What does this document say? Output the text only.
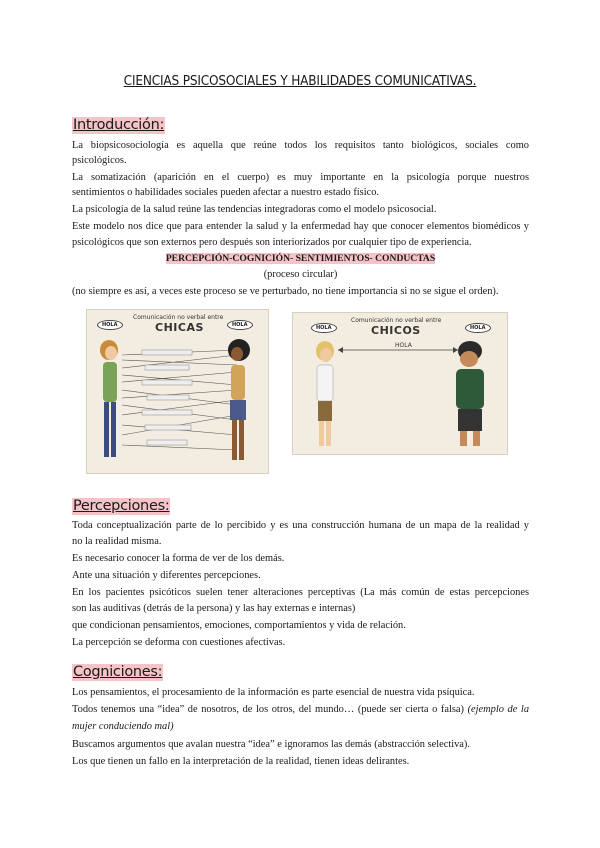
CIENCIAS PSICOSOCIALES Y HABILIDADES COMUNICATIVAS.
Introducción:
La biopsicosociología es aquella que reúne todos los requisitos tanto biológicos, sociales como
psicológicos.
La somatización (aparición en el cuerpo) es muy importante en la psicología porque nuestros
sentimientos o habilidades sociales pueden afectar a nuestro estado físico.
La psicología de la salud reúne las tendencias integradoras como el modelo psicosocial.
Este modelo nos dice que para entender la salud y la enfermedad hay que conocer elementos biomédicos y
psicológicos que son externos pero después son interiorizados por cualquier tipo de experiencia.
PERCEPCIÓN-COGNICIÓN- SENTIMIENTOS- CONDUCTAS
(proceso circular)
(no siempre es así, a veces este proceso se ve perturbado, no tiene importancia si no se sigue el orden).
Comunicación no verbal entre
CHICAS
HOLA	HOLA
Comunicación no verbal entre
CHICOS
HOLA	HOLA
HOLA
Percepciones:
Toda conceptualización parte de lo percibido y es una construcción humana de un mapa de la realidad y
no la realidad misma.
Es necesario conocer la forma de ver de los demás.
Ante una situación y diferentes percepciones.
En los pacientes psicóticos suelen tener alteraciones perceptivas (La más común de estas percepciones
son las auditivas (detrás de la persona) y las hay externas e internas)
que condicionan pensamientos, emociones, comportamientos y vida de relación.
La percepción se deforma con cuestiones afectivas.
Cogniciones:
Los pensamientos, el procesamiento de la información es parte esencial de nuestra vida psíquica.
Todos tenemos una “idea” de nosotros, de los otros, del mundo… (puede ser cierta o falsa) (ejemplo de la
mujer conduciendo mal)
Buscamos argumentos que avalan nuestra “idea” e ignoramos las demás (abstracción selectiva).
Los que tienen un fallo en la interpretación de la realidad, tienen ideas delirantes.
